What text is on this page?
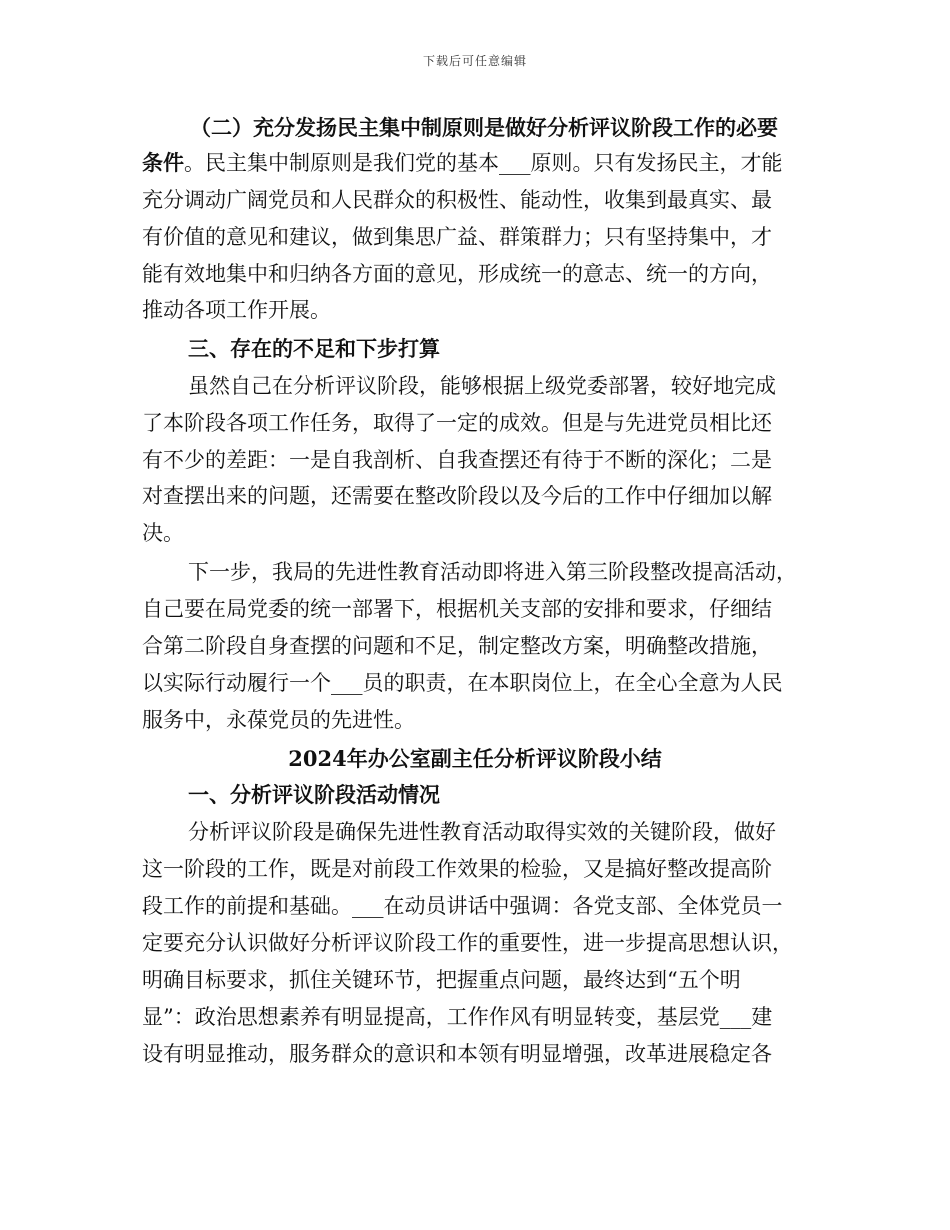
下载后可任意编辑
（二）充分发扬民主集中制原则是做好分析评议阶段工作的必要
条件。民主集中制原则是我们党的基本___原则。只有发扬民主，才能
充分调动广阔党员和人民群众的积极性、能动性，收集到最真实、最
有价值的意见和建议，做到集思广益、群策群力；只有坚持集中，才
能有效地集中和归纳各方面的意见，形成统一的意志、统一的方向，
推动各项工作开展。
三、存在的不足和下步打算
虽然自己在分析评议阶段，能够根据上级党委部署，较好地完成
了本阶段各项工作任务，取得了一定的成效。但是与先进党员相比还
有不少的差距：一是自我剖析、自我查摆还有待于不断的深化；二是
对查摆出来的问题，还需要在整改阶段以及今后的工作中仔细加以解
决。
下一步，我局的先进性教育活动即将进入第三阶段整改提高活动，
自己要在局党委的统一部署下，根据机关支部的安排和要求，仔细结
合第二阶段自身查摆的问题和不足，制定整改方案，明确整改措施，
以实际行动履行一个___员的职责，在本职岗位上，在全心全意为人民
服务中，永葆党员的先进性。
2024年办公室副主任分析评议阶段小结
一、分析评议阶段活动情况
分析评议阶段是确保先进性教育活动取得实效的关键阶段，做好
这一阶段的工作，既是对前段工作效果的检验，又是搞好整改提高阶
段工作的前提和基础。___在动员讲话中强调：各党支部、全体党员一
定要充分认识做好分析评议阶段工作的重要性，进一步提高思想认识，
明确目标要求，抓住关键环节，把握重点问题，最终达到“五个明
显”：政治思想素养有明显提高，工作作风有明显转变，基层党___建
设有明显推动，服务群众的意识和本领有明显增强，改革进展稳定各
